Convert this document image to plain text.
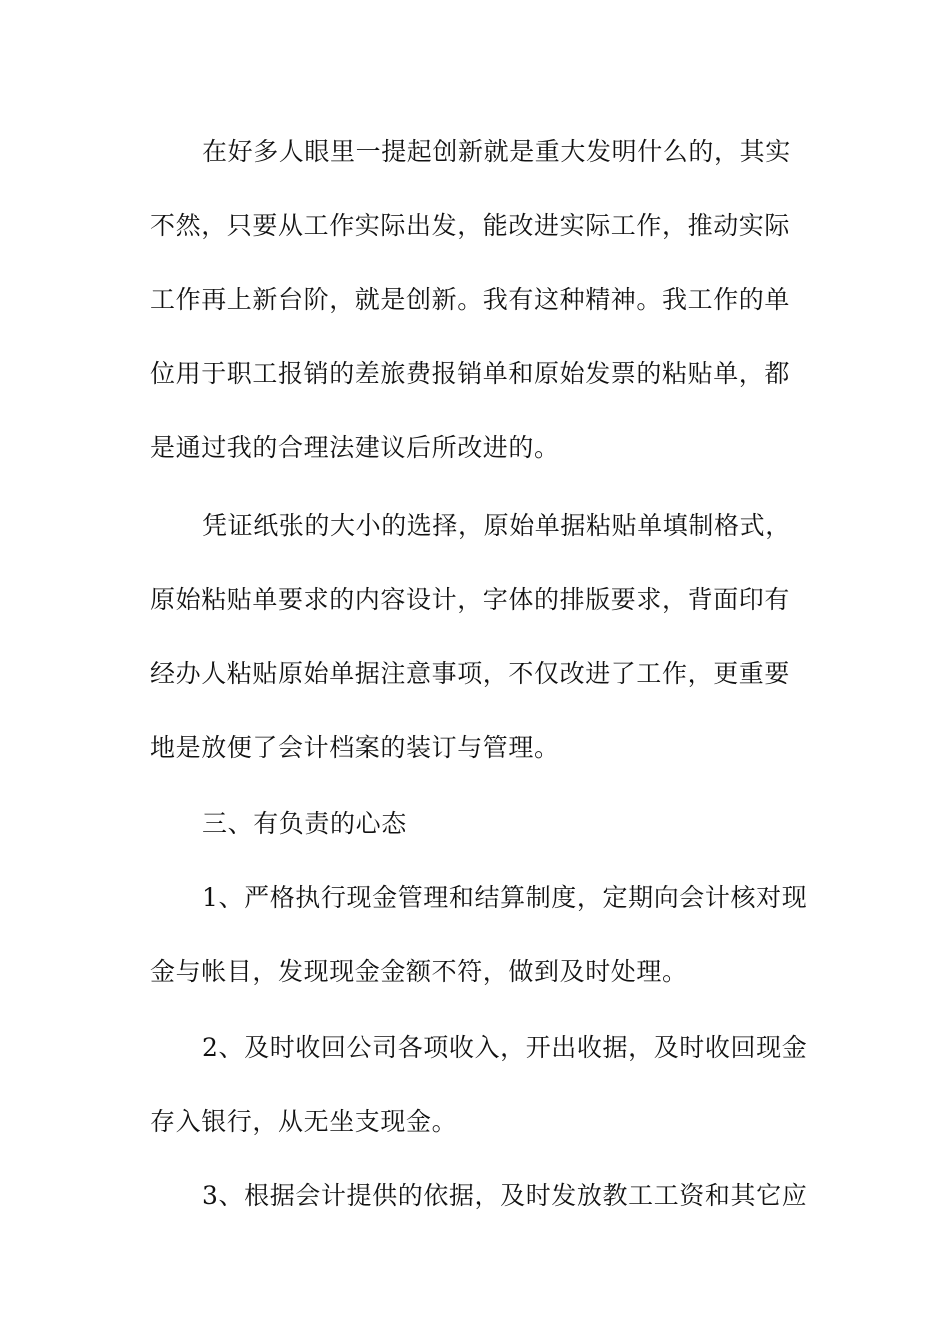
在好多人眼里一提起创新就是重大发明什么的，其实
不然，只要从工作实际出发，能改进实际工作，推动实际
工作再上新台阶，就是创新。我有这种精神。我工作的单
位用于职工报销的差旅费报销单和原始发票的粘贴单，都
是通过我的合理法建议后所改进的。
凭证纸张的大小的选择，原始单据粘贴单填制格式，
原始粘贴单要求的内容设计，字体的排版要求，背面印有
经办人粘贴原始单据注意事项，不仅改进了工作，更重要
地是放便了会计档案的装订与管理。
三、有负责的心态
1、严格执行现金管理和结算制度，定期向会计核对现
金与帐目，发现现金金额不符，做到及时处理。
2、及时收回公司各项收入，开出收据，及时收回现金
存入银行，从无坐支现金。
3、根据会计提供的依据，及时发放教工工资和其它应
